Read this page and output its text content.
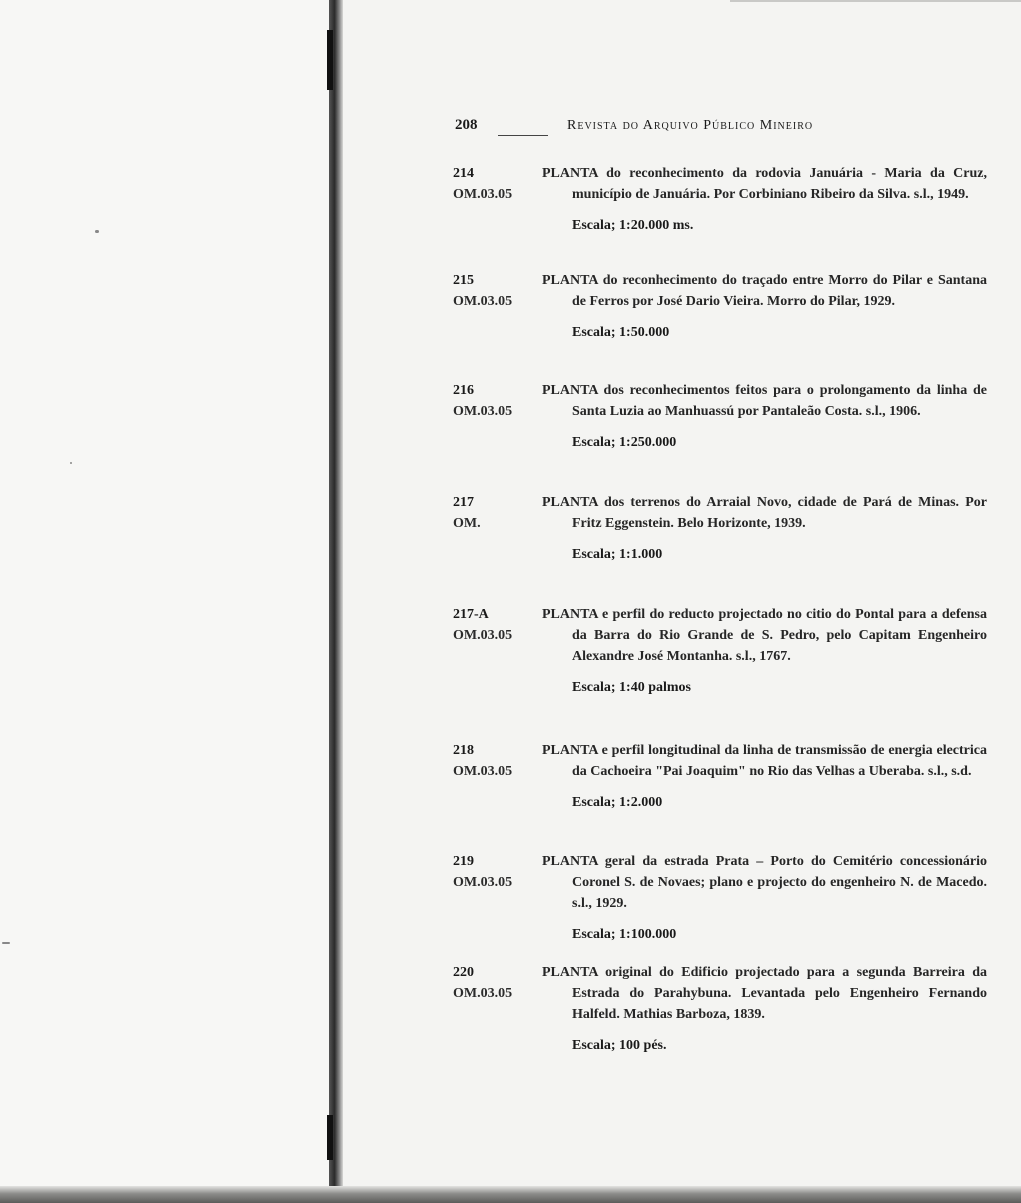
208	Revista do Arquivo Público Mineiro
214
OM.03.05
PLANTA do reconhecimento da rodovia Januária - Maria da Cruz, município de Januária. Por Corbiniano Ribeiro da Silva. s.l., 1949.
Escala; 1:20.000 ms.
215
OM.03.05
PLANTA do reconhecimento do traçado entre Morro do Pilar e Santana de Ferros por José Dario Vieira. Morro do Pilar, 1929.
Escala; 1:50.000
216
OM.03.05
PLANTA dos reconhecimentos feitos para o prolongamento da linha de Santa Luzia ao Manhuassú por Pantaleão Costa. s.l., 1906.
Escala; 1:250.000
217
OM.
PLANTA dos terrenos do Arraial Novo, cidade de Pará de Minas. Por Fritz Eggenstein. Belo Horizonte, 1939.
Escala; 1:1.000
217-A
OM.03.05
PLANTA e perfil do reducto projectado no citio do Pontal para a defensa da Barra do Rio Grande de S. Pedro, pelo Capitam Engenheiro Alexandre José Montanha. s.l., 1767.
Escala; 1:40 palmos
218
OM.03.05
PLANTA e perfil longitudinal da linha de transmissão de energia electrica da Cachoeira "Pai Joaquim" no Rio das Velhas a Uberaba. s.l., s.d.
Escala; 1:2.000
219
OM.03.05
PLANTA geral da estrada Prata – Porto do Cemitério concessionário Coronel S. de Novaes; plano e projecto do engenheiro N. de Macedo. s.l., 1929.
Escala; 1:100.000
220
OM.03.05
PLANTA original do Edificio projectado para a segunda Barreira da Estrada do Parahybuna. Levantada pelo Engenheiro Fernando Halfeld. Mathias Barboza, 1839.
Escala; 100 pés.
